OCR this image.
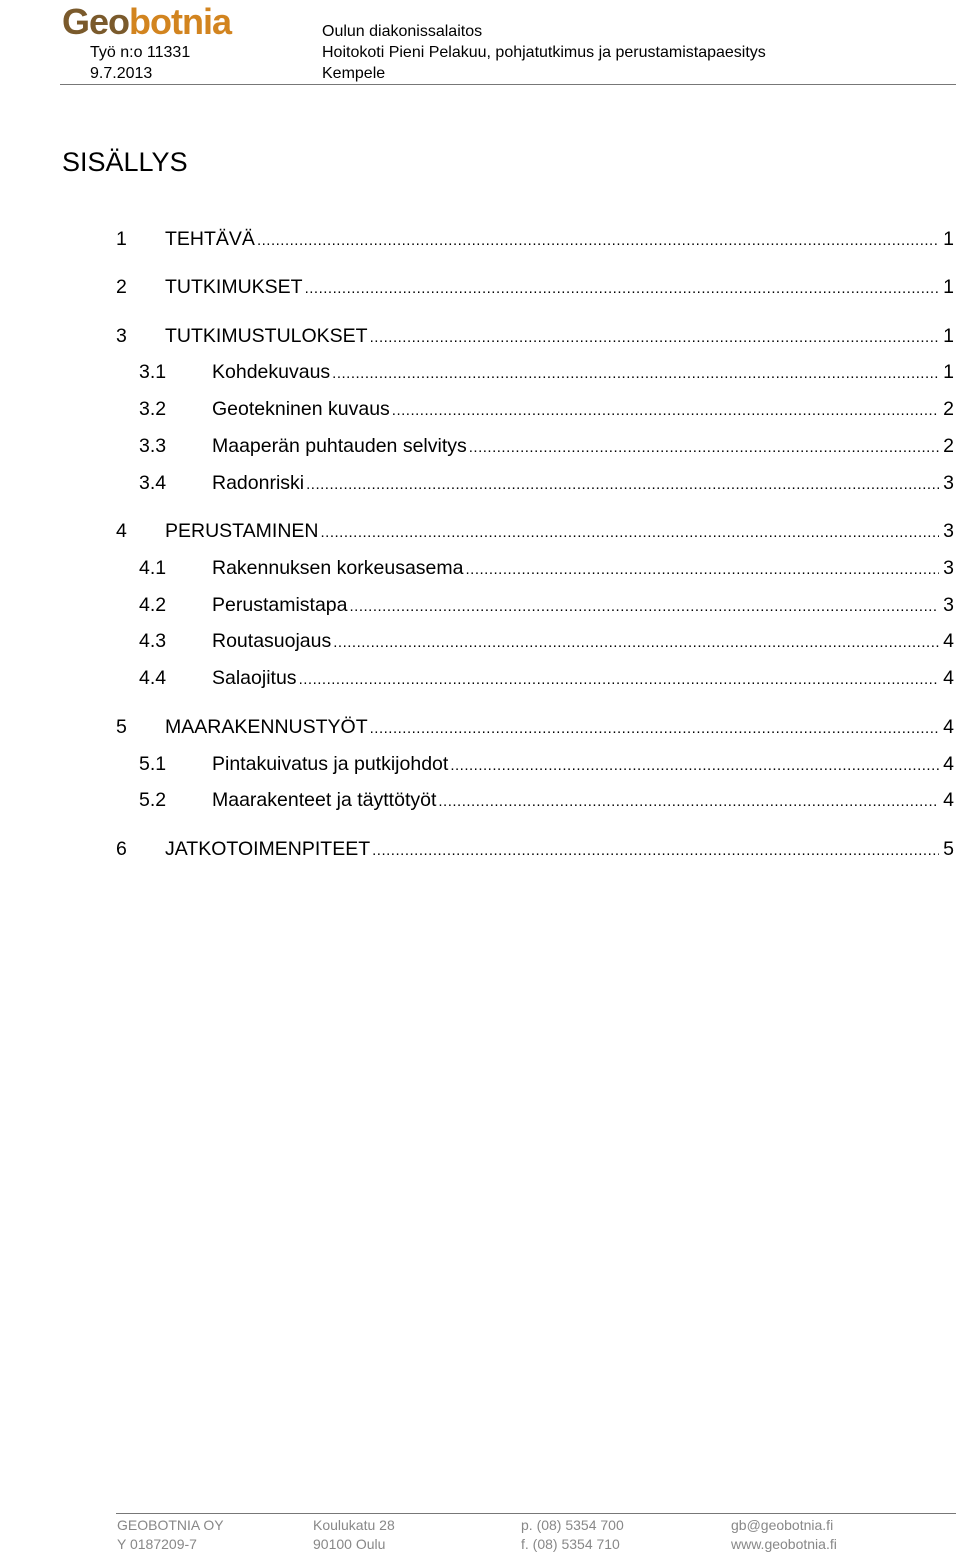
Geobotnia
Työ n:o 11331
9.7.2013
Oulun diakonissalaitos
Hoitokoti Pieni Pelakuu, pohjatutkimus ja perustamistapaesitys
Kempele
SISÄLLYS
1	TEHTÄVÄ .....	1
2	TUTKIMUKSET .....	1
3	TUTKIMUSTULOKSET .....	1
3.1	Kohdekuvaus .....	1
3.2	Geotekninen kuvaus .....	2
3.3	Maaperän puhtauden selvitys .....	2
3.4	Radonriski .....	3
4	PERUSTAMINEN .....	3
4.1	Rakennuksen korkeusasema .....	3
4.2	Perustamistapa .....	3
4.3	Routasuojaus .....	4
4.4	Salaojitus .....	4
5	MAARAKENNUSTYÖT .....	4
5.1	Pintakuivatus ja putkijohdot .....	4
5.2	Maarakenteet ja täyttötyöt .....	4
6	JATKOTOIMENPITEET .....	5
GEOBOTNIA OY
Y 0187209-7
Koulukatu 28
90100 Oulu
p. (08) 5354 700
f. (08) 5354 710
gb@geobotnia.fi
www.geobotnia.fi
